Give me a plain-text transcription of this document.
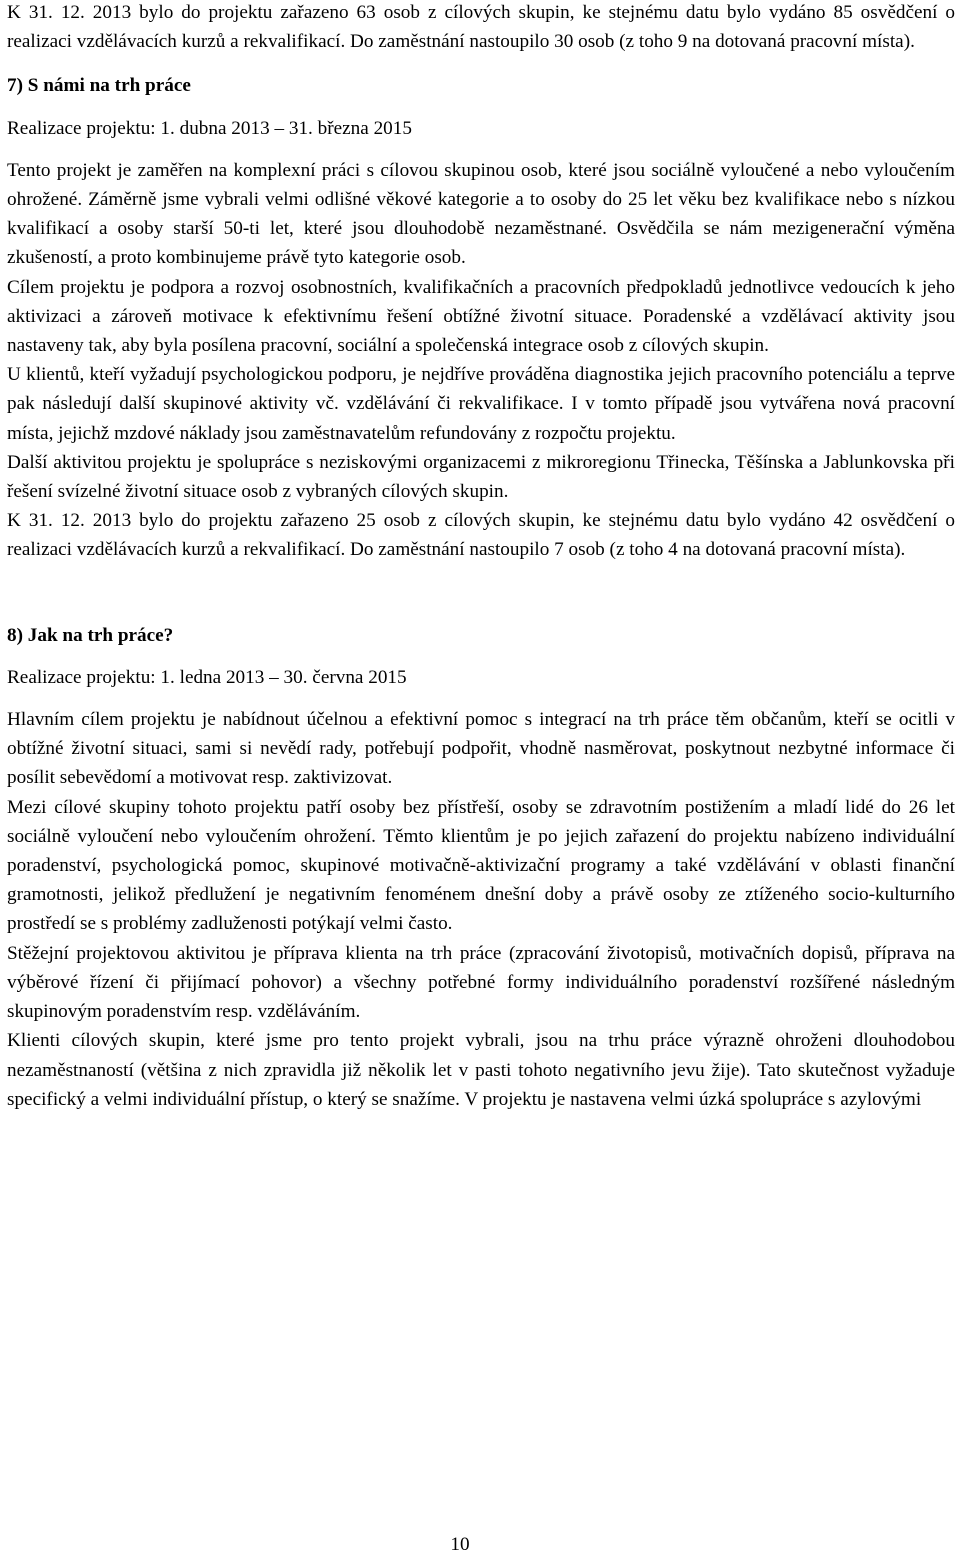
K 31. 12. 2013 bylo do projektu zařazeno 63 osob z cílových skupin, ke stejnému datu bylo vydáno 85 osvědčení o realizaci vzdělávacích kurzů a rekvalifikací. Do zaměstnání nastoupilo 30 osob (z toho 9 na dotovaná pracovní místa).

7) S námi na trh práce

Realizace projektu: 1. dubna 2013 – 31. března 2015

Tento projekt je zaměřen na komplexní práci s cílovou skupinou osob, které jsou sociálně vyloučené a nebo vyloučením ohrožené. Záměrně jsme vybrali velmi odlišné věkové kategorie a to osoby do 25 let věku bez kvalifikace nebo s nízkou kvalifikací a osoby starší 50-ti let, které jsou dlouhodobě nezaměstnané. Osvědčila se nám mezigenerační výměna zkušeností, a proto kombinujeme právě tyto kategorie osob.

Cílem projektu je podpora a rozvoj osobnostních, kvalifikačních a pracovních předpokladů jednotlivce vedoucích k jeho aktivizaci a zároveň motivace k efektivnímu řešení obtížné životní situace. Poradenské a vzdělávací aktivity jsou nastaveny tak, aby byla posílena pracovní, sociální a společenská integrace osob z cílových skupin.

U klientů, kteří vyžadují psychologickou podporu, je nejdříve prováděna diagnostika jejich pracovního potenciálu a teprve pak následují další skupinové aktivity vč. vzdělávání či rekvalifikace. I v tomto případě jsou vytvářena nová pracovní místa, jejichž mzdové náklady jsou zaměstnavatelům refundovány z rozpočtu projektu.

Další aktivitou projektu je spolupráce s neziskovými organizacemi z mikroregionu Třinecka, Těšínska a Jablunkovska při řešení svízelné životní situace osob z vybraných cílových skupin.

K 31. 12. 2013 bylo do projektu zařazeno 25 osob z cílových skupin, ke stejnému datu bylo vydáno 42 osvědčení o realizaci vzdělávacích kurzů a rekvalifikací. Do zaměstnání nastoupilo 7 osob (z toho 4 na dotovaná pracovní místa).

8) Jak na trh práce?

Realizace projektu: 1. ledna 2013 – 30. června 2015

Hlavním cílem projektu je nabídnout účelnou a efektivní pomoc s integrací na trh práce těm občanům, kteří se ocitli v obtížné životní situaci, sami si nevědí rady, potřebují podpořit, vhodně nasměrovat, poskytnout nezbytné informace či posílit sebevědomí a motivovat resp. zaktivizovat.

Mezi cílové skupiny tohoto projektu patří osoby bez přístřeší, osoby se zdravotním postižením a mladí lidé do 26 let sociálně vyloučení nebo vyloučením ohrožení. Těmto klientům je po jejich zařazení do projektu nabízeno individuální poradenství, psychologická pomoc, skupinové motivačně-aktivizační programy a také vzdělávání v oblasti finanční gramotnosti, jelikož předlužení je negativním fenoménem dnešní doby a právě osoby ze ztíženého socio-kulturního prostředí se s problémy zadluženosti potýkají velmi často.

Stěžejní projektovou aktivitou je příprava klienta na trh práce (zpracování životopisů, motivačních dopisů, příprava na výběrové řízení či přijímací pohovor) a všechny potřebné formy individuálního poradenství rozšířené následným skupinovým poradenstvím resp. vzděláváním.

Klienti cílových skupin, které jsme pro tento projekt vybrali, jsou na trhu práce výrazně ohroženi dlouhodobou nezaměstnaností (většina z nich zpravidla již několik let v pasti tohoto negativního jevu žije). Tato skutečnost vyžaduje specifický a velmi individuální přístup, o který se snažíme. V projektu je nastavena velmi úzká spolupráce s azylovými

10
